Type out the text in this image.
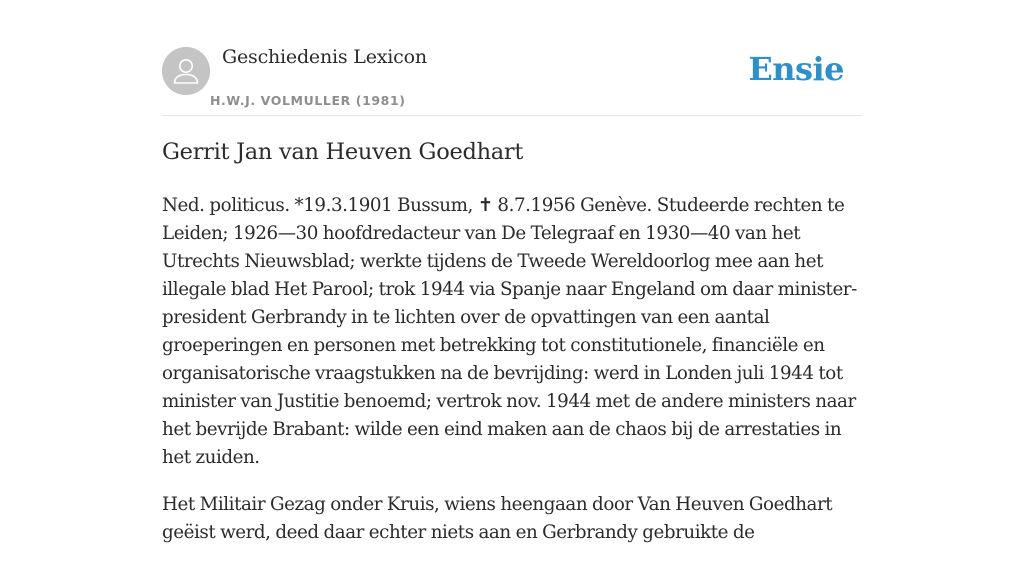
Geschiedenis Lexicon
H.W.J. VOLMULLER (1981)
Ensie
Gerrit Jan van Heuven Goedhart

Ned. politicus. *19.3.1901 Bussum, ✝ 8.7.1956 Genève. Studeerde rechten te Leiden; 1926—30 hoofdredacteur van De Telegraaf en 1930—40 van het Utrechts Nieuwsblad; werkte tijdens de Tweede Wereldoorlog mee aan het illegale blad Het Parool; trok 1944 via Spanje naar Engeland om daar minister-president Gerbrandy in te lichten over de opvattingen van een aantal groeperingen en personen met betrekking tot constitutionele, financiële en organisatorische vraagstukken na de bevrijding: werd in Londen juli 1944 tot minister van Justitie benoemd; vertrok nov. 1944 met de andere ministers naar het bevrijde Brabant: wilde een eind maken aan de chaos bij de arrestaties in het zuiden.

Het Militair Gezag onder Kruis, wiens heengaan door Van Heuven Goedhart geëist werd, deed daar echter niets aan en Gerbrandy gebruikte de
